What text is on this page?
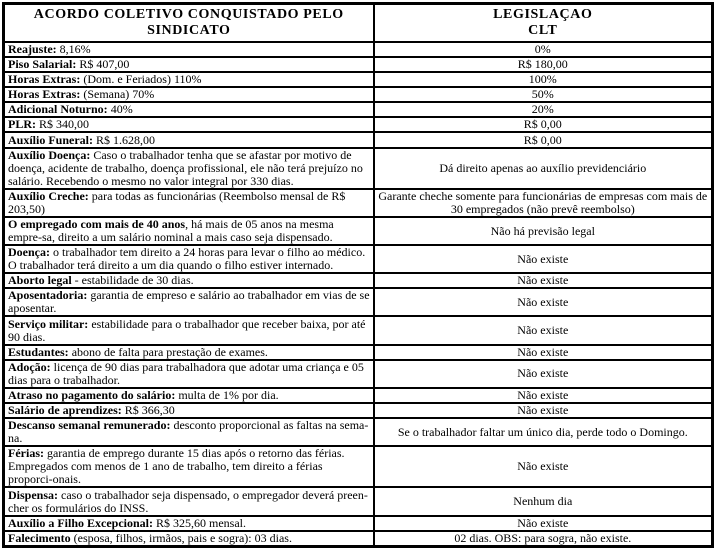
ACORDO COLETIVO CONQUISTADO PELO
SINDICATO	LEGISLAÇAO
CLT
Reajuste: 8,16%	0%
Piso Salarial: R$ 407,00	R$ 180,00
Horas Extras: (Dom. e Feriados) 110%	100%
Horas Extras: (Semana) 70%	50%
Adicional Noturno: 40%	20%
PLR: R$ 340,00	R$ 0,00
Auxílio Funeral: R$ 1.628,00	R$ 0,00
Auxílio Doença: Caso o trabalhador tenha que se afastar por motivo de doença, acidente de trabalho, doença profissional, ele não terá prejuízo no salário. Recebendo o mesmo no valor integral por 330 dias.	Dá direito apenas ao auxílio previdenciário
Auxílio Creche: para todas as funcionárias (Reembolso mensal de R$ 203,50)	Garante cheche somente para funcionárias de empresas com mais de 30 empregados (não prevê reembolso)
O empregado com mais de 40 anos, há mais de 05 anos na mesma empre-sa, direito a um salário nominal a mais caso seja dispensado.	Não há previsão legal
Doença: o trabalhador tem direito a 24 horas para levar o filho ao médico. O trabalhador terá direito a um dia quando o filho estiver internado.	Não existe
Aborto legal - estabilidade de 30 dias.	Não existe
Aposentadoria: garantia de empreso e salário ao trabalhador em vias de se aposentar.	Não existe
Serviço militar: estabilidade para o trabalhador que receber baixa, por até 90 dias.	Não existe
Estudantes: abono de falta para prestação de exames.	Não existe
Adoção: licença de 90 dias para trabalhadora que adotar uma criança e 05 dias para o trabalhador.	Não existe
Atraso no pagamento do salário: multa de 1% por dia.	Não existe
Salário de aprendizes: R$ 366,30	Não existe
Descanso semanal remunerado: desconto proporcional as faltas na sema-na.	Se o trabalhador faltar um único dia, perde todo o Domingo.
Férias: garantia de emprego durante 15 dias após o retorno das férias. Empregados com menos de 1 ano de trabalho, tem direito a férias proporci-onais.	Não existe
Dispensa: caso o trabalhador seja dispensado, o empregador deverá preen-cher os formulários do INSS.	Nenhum dia
Auxílio a Filho Excepcional: R$ 325,60 mensal.	Não existe
Falecimento (esposa, filhos, irmãos, pais e sogra): 03 dias.	02 dias. OBS: para sogra, não existe.
